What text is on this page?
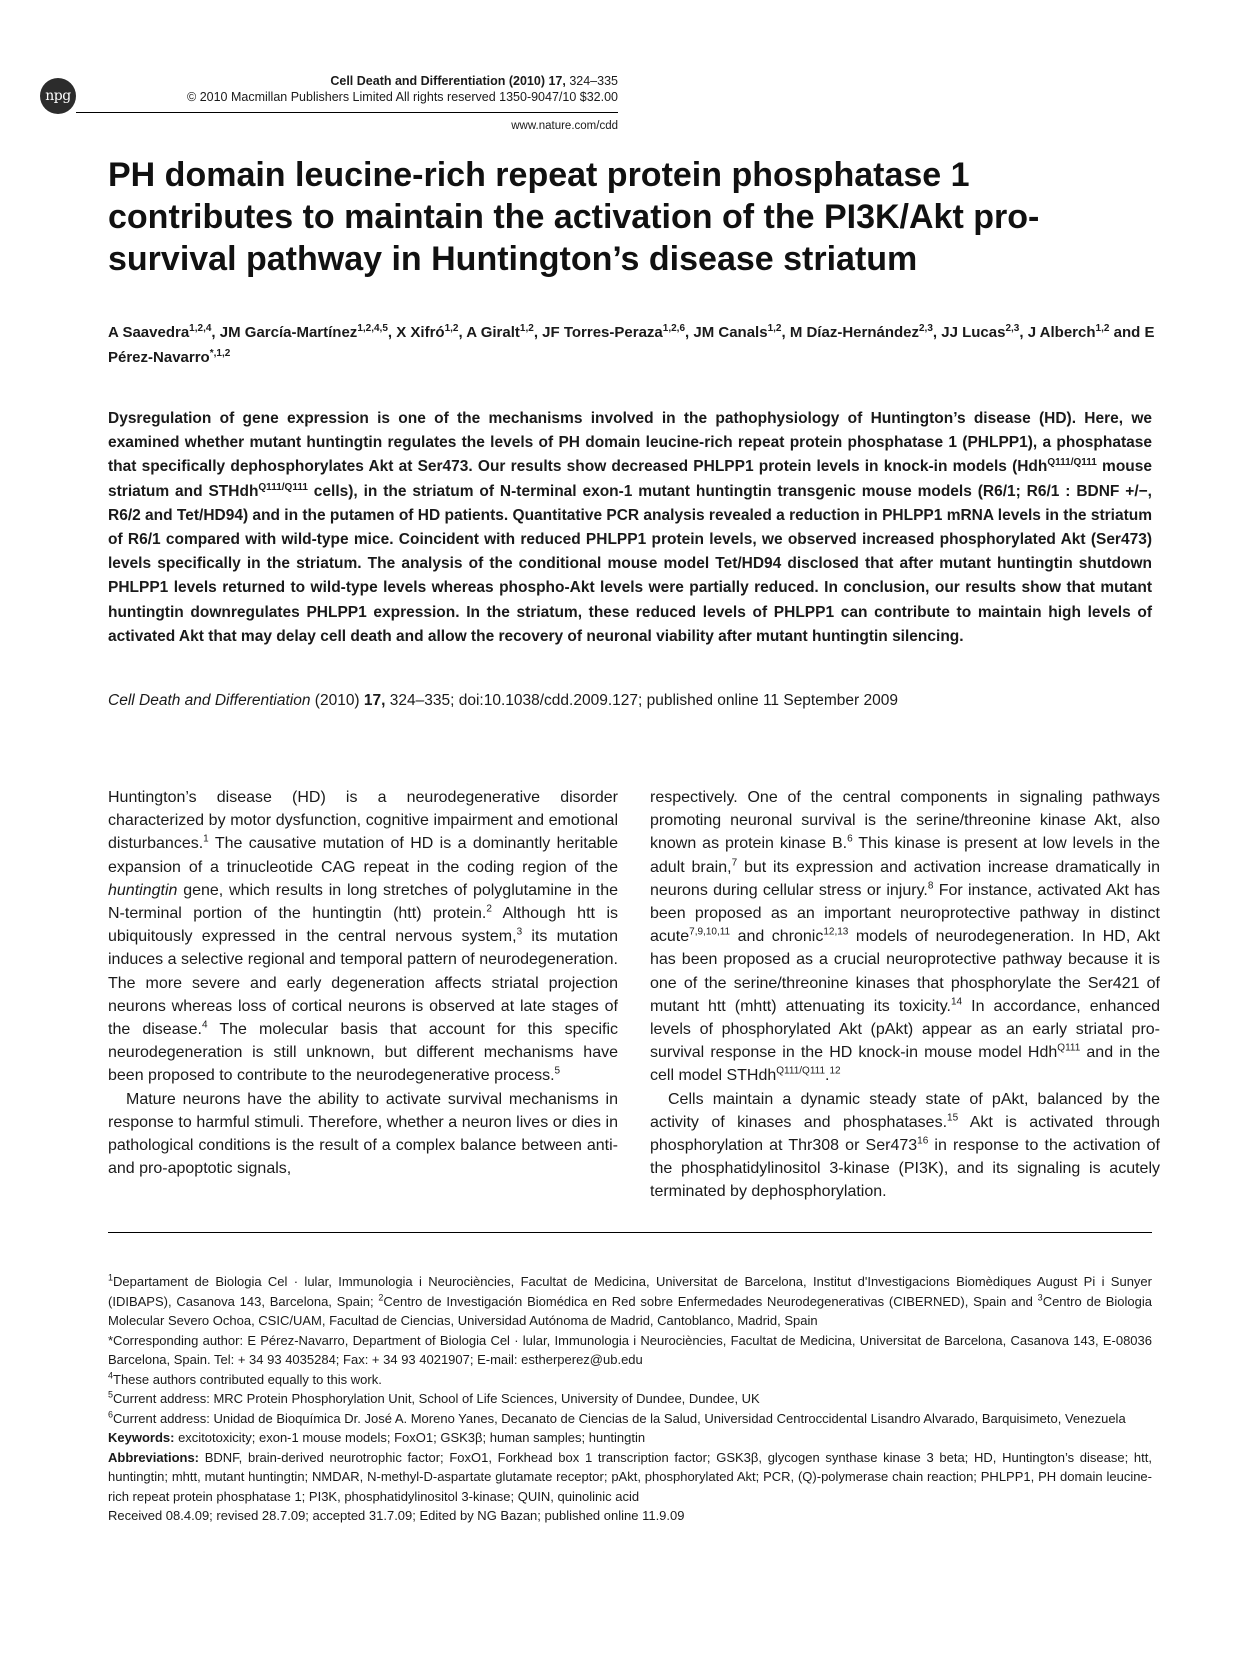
npg
Cell Death and Differentiation (2010) 17, 324–335
© 2010 Macmillan Publishers Limited All rights reserved 1350-9047/10 $32.00
www.nature.com/cdd
PH domain leucine-rich repeat protein phosphatase 1 contributes to maintain the activation of the PI3K/Akt pro-survival pathway in Huntington’s disease striatum
A Saavedra$^{1,2,4}$, JM García-Martínez$^{1,2,4,5}$, X Xifró$^{1,2}$, A Giralt$^{1,2}$, JF Torres-Peraza$^{1,2,6}$, JM Canals$^{1,2}$, M Díaz-Hernández$^{2,3}$, JJ Lucas$^{2,3}$, J Alberch$^{1,2}$ and E Pérez-Navarro$^{*,1,2}$

Dysregulation of gene expression is one of the mechanisms involved in the pathophysiology of Huntington’s disease (HD). Here, we examined whether mutant huntingtin regulates the levels of PH domain leucine-rich repeat protein phosphatase 1 (PHLPP1), a phosphatase that specifically dephosphorylates Akt at Ser473. Our results show decreased PHLPP1 protein levels in knock-in models (Hdh$^{Q111/Q111}$ mouse striatum and STHdh$^{Q111/Q111}$ cells), in the striatum of N-terminal exon-1 mutant huntingtin transgenic mouse models (R6/1; R6/1 : BDNF +/−, R6/2 and Tet/HD94) and in the putamen of HD patients. Quantitative PCR analysis revealed a reduction in PHLPP1 mRNA levels in the striatum of R6/1 compared with wild-type mice. Coincident with reduced PHLPP1 protein levels, we observed increased phosphorylated Akt (Ser473) levels specifically in the striatum. The analysis of the conditional mouse model Tet/HD94 disclosed that after mutant huntingtin shutdown PHLPP1 levels returned to wild-type levels whereas phospho-Akt levels were partially reduced. In conclusion, our results show that mutant huntingtin downregulates PHLPP1 expression. In the striatum, these reduced levels of PHLPP1 can contribute to maintain high levels of activated Akt that may delay cell death and allow the recovery of neuronal viability after mutant huntingtin silencing.

Cell Death and Differentiation (2010) 17, 324–335; doi:10.1038/cdd.2009.127; published online 11 September 2009

Huntington’s disease (HD) is a neurodegenerative disorder characterized by motor dysfunction, cognitive impairment and emotional disturbances.$^1$ The causative mutation of HD is a dominantly heritable expansion of a trinucleotide CAG repeat in the coding region of the huntingtin gene, which results in long stretches of polyglutamine in the N-terminal portion of the huntingtin (htt) protein.$^2$ Although htt is ubiquitously expressed in the central nervous system,$^3$ its mutation induces a selective regional and temporal pattern of neurodegeneration. The more severe and early degeneration affects striatal projection neurons whereas loss of cortical neurons is observed at late stages of the disease.$^4$ The molecular basis that account for this specific neurodegeneration is still unknown, but different mechanisms have been proposed to contribute to the neurodegenerative process.$^5$

Mature neurons have the ability to activate survival mechanisms in response to harmful stimuli. Therefore, whether a neuron lives or dies in pathological conditions is the result of a complex balance between anti- and pro-apoptotic signals,

respectively. One of the central components in signaling pathways promoting neuronal survival is the serine/threonine kinase Akt, also known as protein kinase B.$^6$ This kinase is present at low levels in the adult brain,$^7$ but its expression and activation increase dramatically in neurons during cellular stress or injury.$^8$ For instance, activated Akt has been proposed as an important neuroprotective pathway in distinct acute$^{7,9,10,11}$ and chronic$^{12,13}$ models of neurodegeneration. In HD, Akt has been proposed as a crucial neuroprotective pathway because it is one of the serine/threonine kinases that phosphorylate the Ser421 of mutant htt (mhtt) attenuating its toxicity.$^{14}$ In accordance, enhanced levels of phosphorylated Akt (pAkt) appear as an early striatal pro-survival response in the HD knock-in mouse model Hdh$^{Q111}$ and in the cell model STHdh$^{Q111/Q111}$.$^{12}$

Cells maintain a dynamic steady state of pAkt, balanced by the activity of kinases and phosphatases.$^{15}$ Akt is activated through phosphorylation at Thr308 or $Ser473^{16}$ in response to the activation of the phosphatidylinositol 3-kinase (PI3K), and its signaling is acutely terminated by dephosphorylation.

$^1$Departament de Biologia Cel · lular, Immunologia i Neurociències, Facultat de Medicina, Universitat de Barcelona, Institut d'Investigacions Biomèdiques August Pi i Sunyer (IDIBAPS), Casanova 143, Barcelona, Spain; $^2$Centro de Investigación Biomédica en Red sobre Enfermedades Neurodegenerativas (CIBERNED), Spain and $^3$Centro de Biologia Molecular Severo Ochoa, CSIC/UAM, Facultad de Ciencias, Universidad Autónoma de Madrid, Cantoblanco, Madrid, Spain

*Corresponding author: E Pérez-Navarro, Department of Biologia Cel · lular, Immunologia i Neurociències, Facultat de Medicina, Universitat de Barcelona, Casanova 143, E-08036 Barcelona, Spain. Tel: + 34 93 4035284; Fax: + 34 93 4021907; E-mail: estherperez@ub.edu

$^4$These authors contributed equally to this work.

$^5$Current address: MRC Protein Phosphorylation Unit, School of Life Sciences, University of Dundee, Dundee, UK

$^6$Current address: Unidad de Bioquímica Dr. José A. Moreno Yanes, Decanato de Ciencias de la Salud, Universidad Centroccidental Lisandro Alvarado, Barquisimeto, Venezuela

Keywords: excitotoxicity; exon-1 mouse models; FoxO1; GSK3β; human samples; huntingtin

Abbreviations: BDNF, brain-derived neurotrophic factor; FoxO1, Forkhead box 1 transcription factor; GSK3β, glycogen synthase kinase 3 beta; HD, Huntington’s disease; htt, huntingtin; mhtt, mutant huntingtin; NMDAR, N-methyl-D-aspartate glutamate receptor; pAkt, phosphorylated Akt; PCR, (Q)-polymerase chain reaction; PHLPP1, PH domain leucine-rich repeat protein phosphatase 1; PI3K, phosphatidylinositol 3-kinase; QUIN, quinolinic acid

Received 08.4.09; revised 28.7.09; accepted 31.7.09; Edited by NG Bazan; published online 11.9.09
